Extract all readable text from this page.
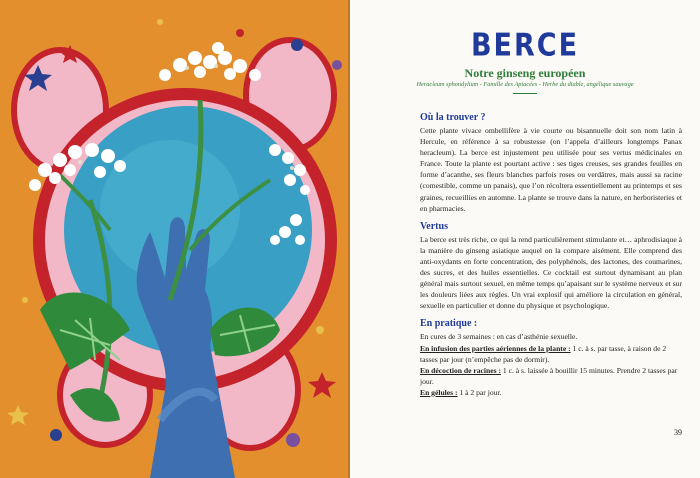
BERCE
Notre ginseng européen
Heracleum sphondylium - Famille des Apiacées - Herbe du diable, angélique sauvage

Où la trouver ?

Cette plante vivace ombellifère à vie courte ou bisannuelle doit son nom latin à Hercule, en référence à sa robustesse (on l’appela d’ailleurs longtemps Panax heracleum). La berce est injustement peu utilisée pour ses vertus médicinales en France. Toute la plante est pourtant active : ses tiges creuses, ses grandes feuilles en forme d’acanthe, ses fleurs blanches parfois roses ou verdâtres, mais aussi sa racine (comestible, comme un panais), que l’on récoltera essentiellement au printemps et ses graines, recueillies en automne. La plante se trouve dans la nature, en herboristeries et en pharmacies.

Vertus

La berce est très riche, ce qui la rend particulièrement stimulante et… aphrodisiaque à la manière du ginseng asiatique auquel on la compare aisément. Elle comprend des anti-oxydants en forte concentration, des polyphénols, des lactones, des coumarines, des sucres, et des huiles essentielles. Ce cocktail est surtout dynamisant au plan général mais surtout sexuel, en même temps qu’apaisant sur le système nerveux et sur les douleurs liées aux règles. Un vrai explosif qui améliore la circulation en général, sexuelle en particulier et donne du physique et psychologique.

En pratique :

En cures de 3 semaines : en cas d’asthénie sexuelle.

En infusion des parties aériennes de la plante : 1 c. à s. par tasse, à raison de 2 tasses par jour (n’empêche pas de dormir).

En décoction de racines : 1 c. à s. laissée à bouillir 15 minutes. Prendre 2 tasses par jour.

En gélules : 1 à 2 par jour.

39
